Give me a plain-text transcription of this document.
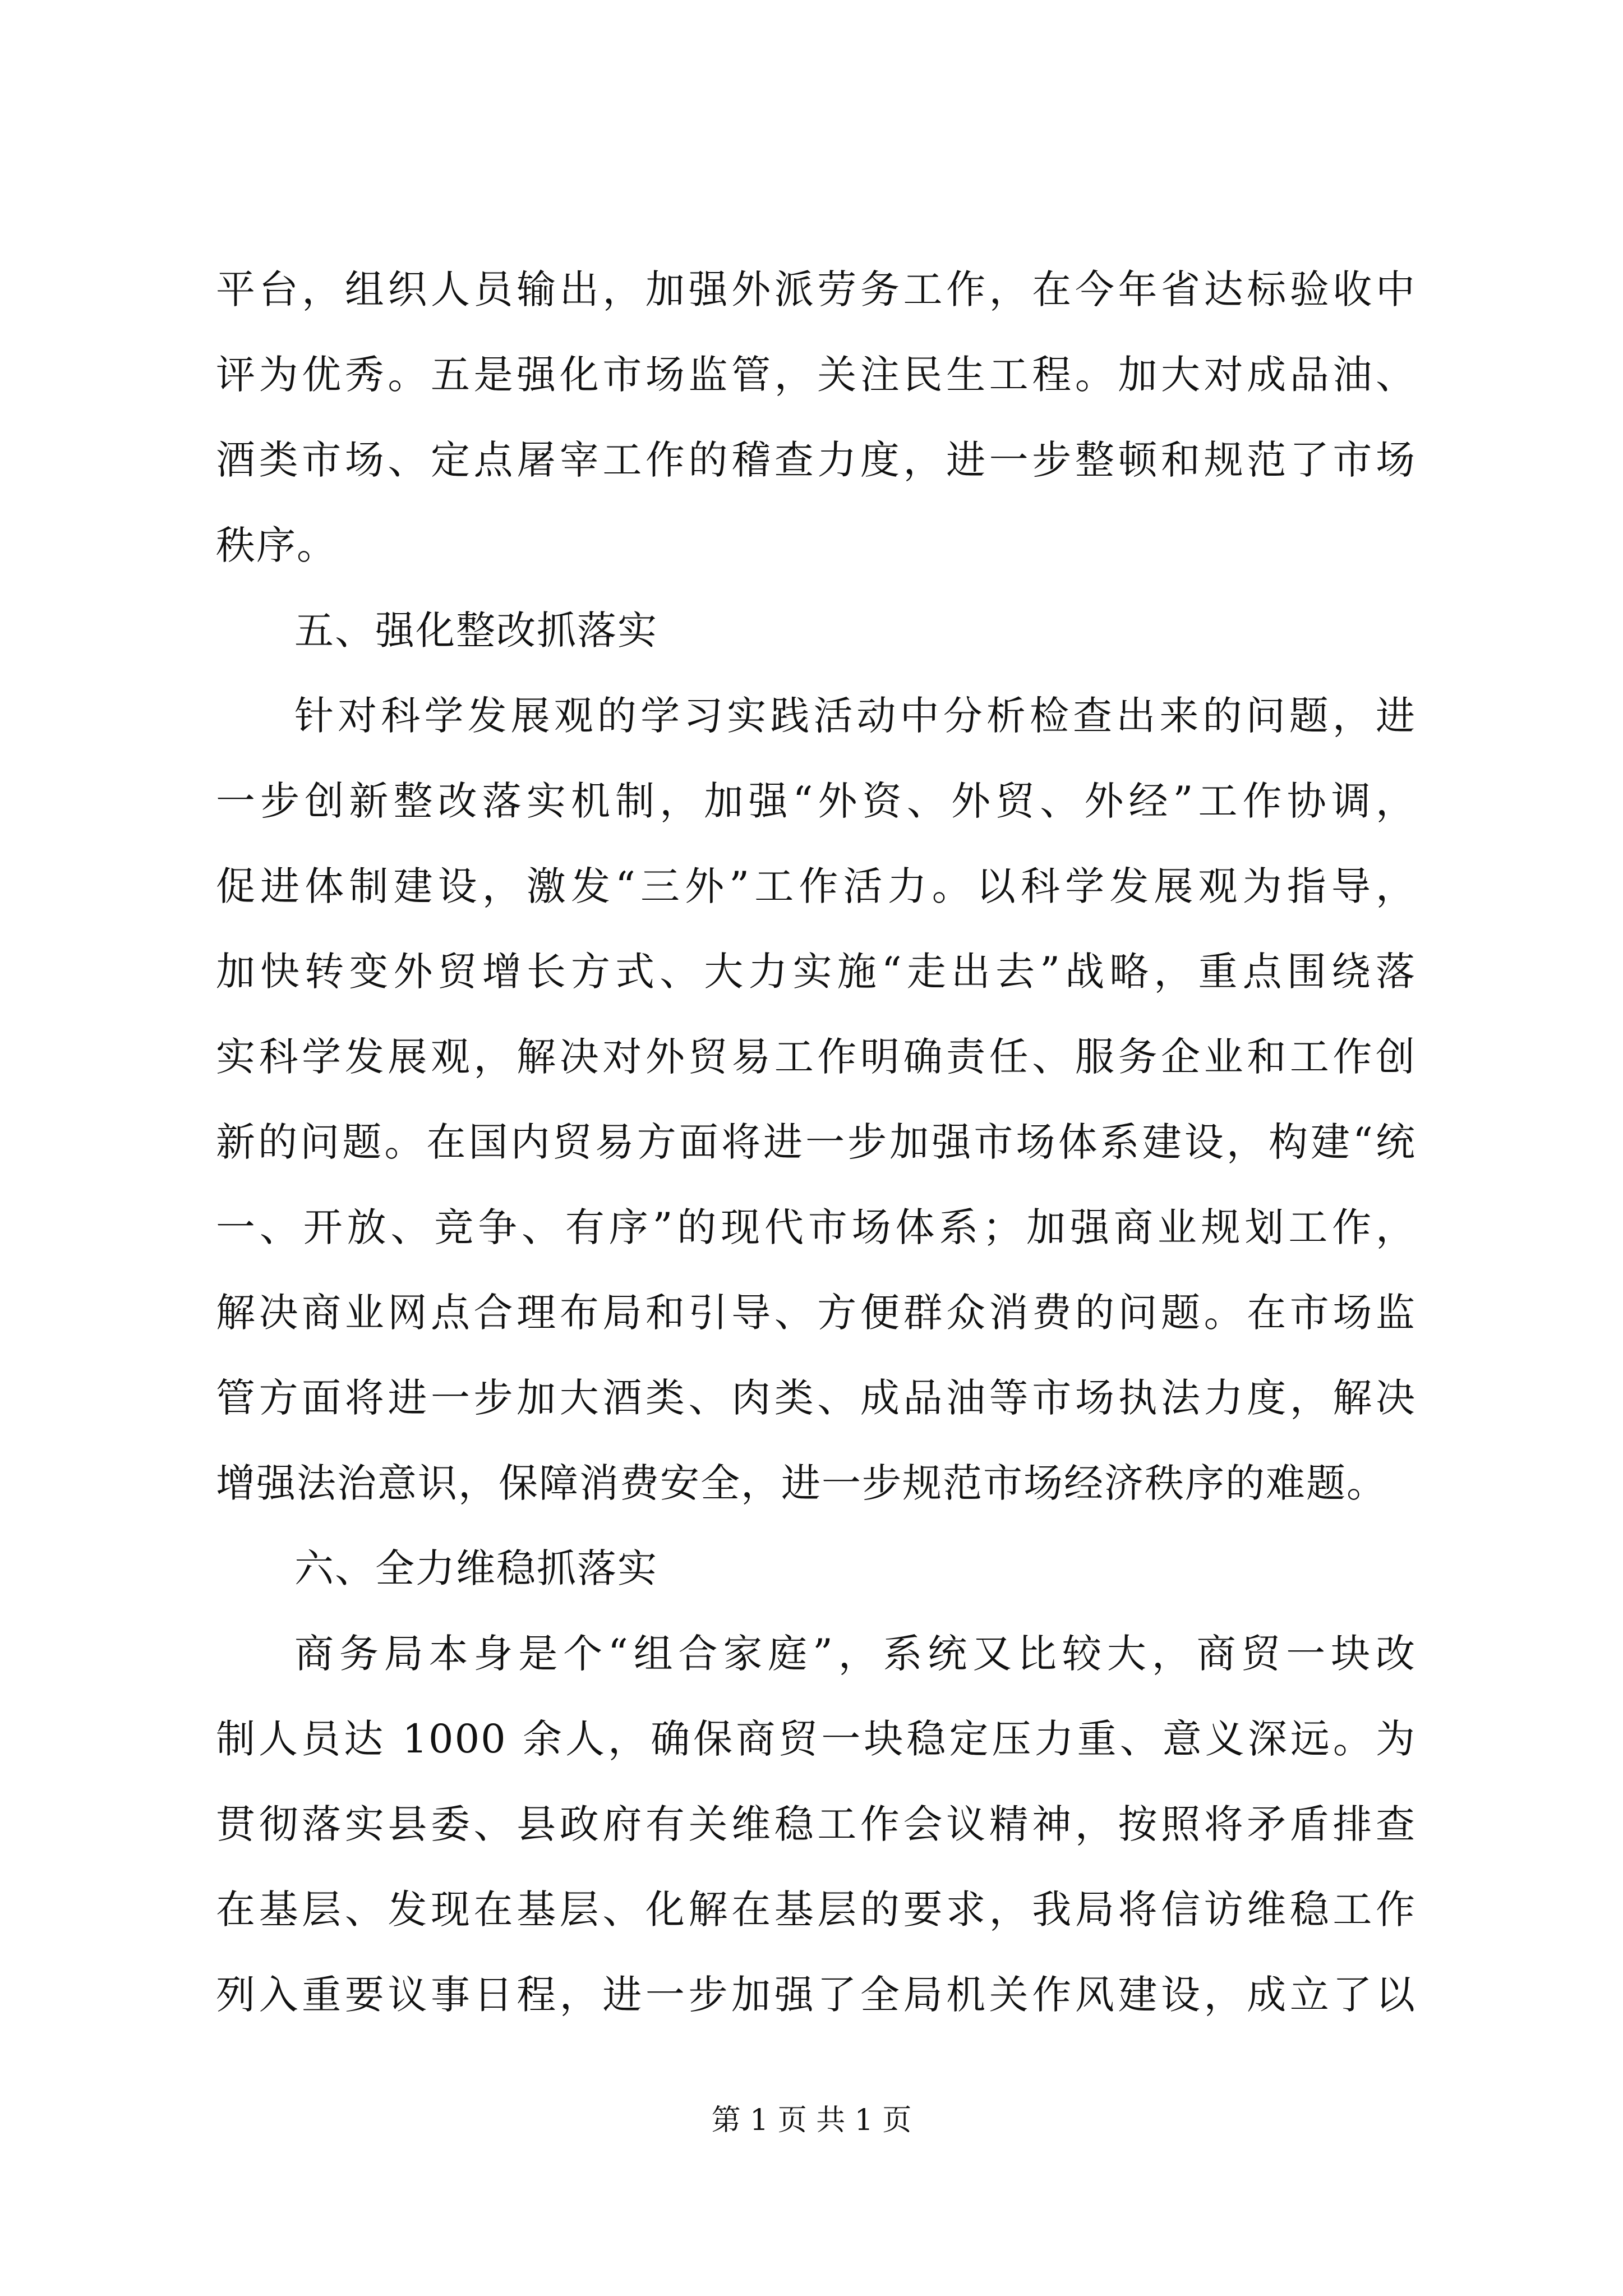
平台，组织人员输出，加强外派劳务工作，在今年省达标验收中
评为优秀。五是强化市场监管，关注民生工程。加大对成品油、
酒类市场、定点屠宰工作的稽查力度，进一步整顿和规范了市场
秩序。
五、强化整改抓落实
针对科学发展观的学习实践活动中分析检查出来的问题，进
一步创新整改落实机制，加强“外资、外贸、外经”工作协调，
促进体制建设，激发“三外”工作活力。以科学发展观为指导，
加快转变外贸增长方式、大力实施“走出去”战略，重点围绕落
实科学发展观，解决对外贸易工作明确责任、服务企业和工作创
新的问题。在国内贸易方面将进一步加强市场体系建设，构建“统
一、开放、竞争、有序”的现代市场体系；加强商业规划工作，
解决商业网点合理布局和引导、方便群众消费的问题。在市场监
管方面将进一步加大酒类、肉类、成品油等市场执法力度，解决
增强法治意识，保障消费安全，进一步规范市场经济秩序的难题。
六、全力维稳抓落实
商务局本身是个“组合家庭”，系统又比较大，商贸一块改
制人员达 1000 余人，确保商贸一块稳定压力重、意义深远。为
贯彻落实县委、县政府有关维稳工作会议精神，按照将矛盾排查
在基层、发现在基层、化解在基层的要求，我局将信访维稳工作
列入重要议事日程，进一步加强了全局机关作风建设，成立了以
第 1 页 共 1 页
